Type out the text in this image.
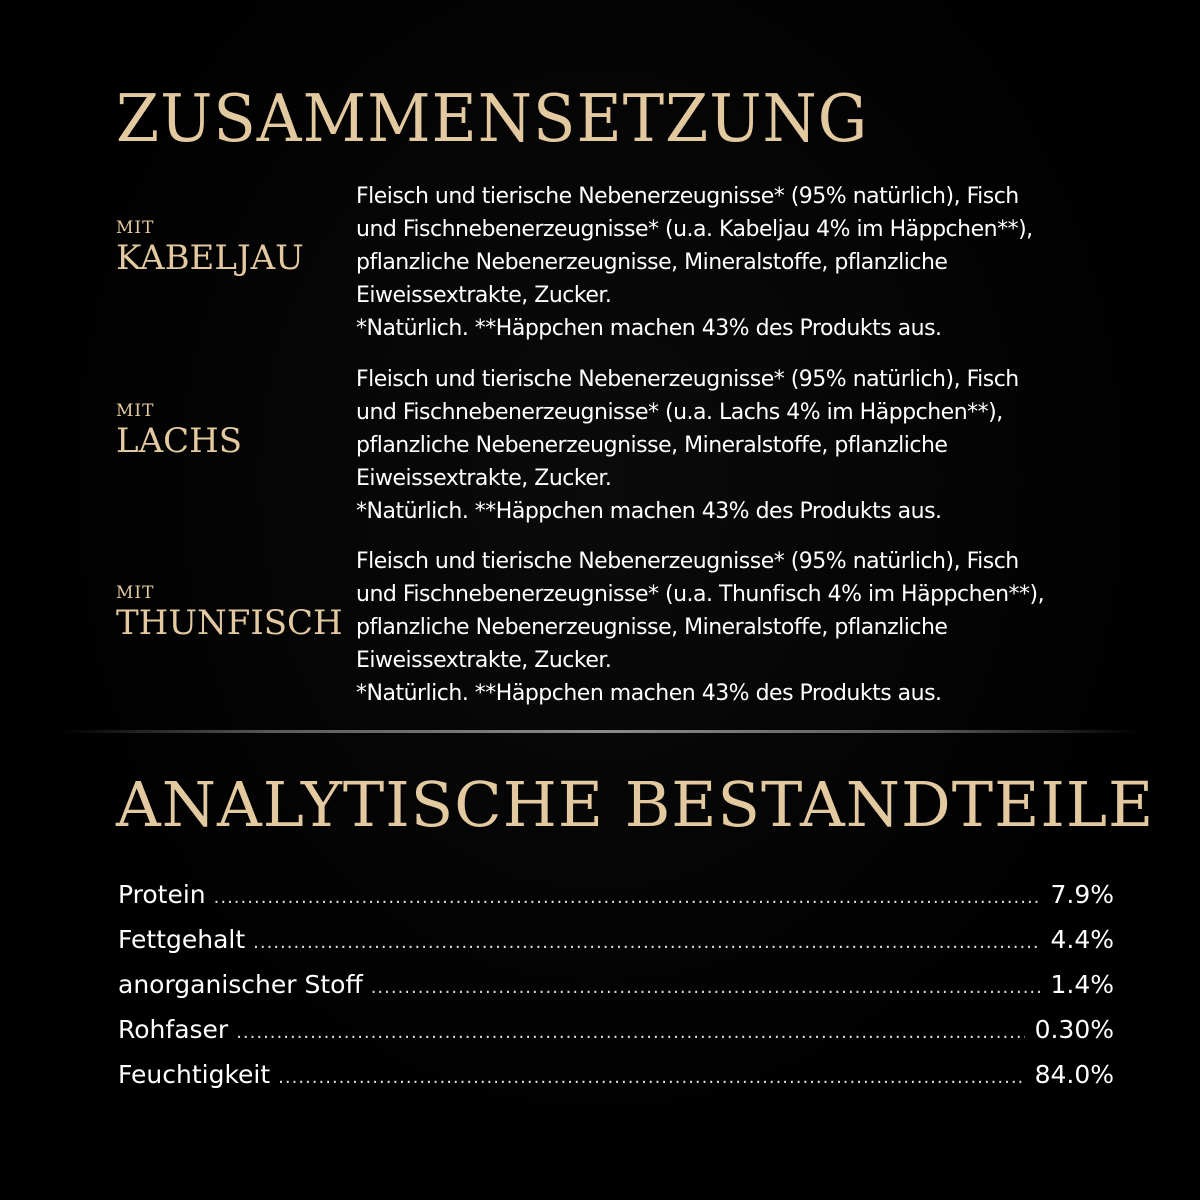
ZUSAMMENSETZUNG
MIT
KABELJAU
Fleisch und tierische Nebenerzeugnisse* (95% natürlich), Fisch
und Fischnebenerzeugnisse* (u.a. Kabeljau 4% im Häppchen**),
pflanzliche Nebenerzeugnisse, Mineralstoffe, pflanzliche
Eiweissextrakte, Zucker.
*Natürlich. **Häppchen machen 43% des Produkts aus.
MIT
LACHS
Fleisch und tierische Nebenerzeugnisse* (95% natürlich), Fisch
und Fischnebenerzeugnisse* (u.a. Lachs 4% im Häppchen**),
pflanzliche Nebenerzeugnisse, Mineralstoffe, pflanzliche
Eiweissextrakte, Zucker.
*Natürlich. **Häppchen machen 43% des Produkts aus.
MIT
THUNFISCH
Fleisch und tierische Nebenerzeugnisse* (95% natürlich), Fisch
und Fischnebenerzeugnisse* (u.a. Thunfisch 4% im Häppchen**),
pflanzliche Nebenerzeugnisse, Mineralstoffe, pflanzliche
Eiweissextrakte, Zucker.
*Natürlich. **Häppchen machen 43% des Produkts aus.
ANALYTISCHE BESTANDTEILE
Protein .....	7.9%
Fettgehalt .....	4.4%
anorganischer Stoff .....	1.4%
Rohfaser .....	0.30%
Feuchtigkeit .....	84.0%
